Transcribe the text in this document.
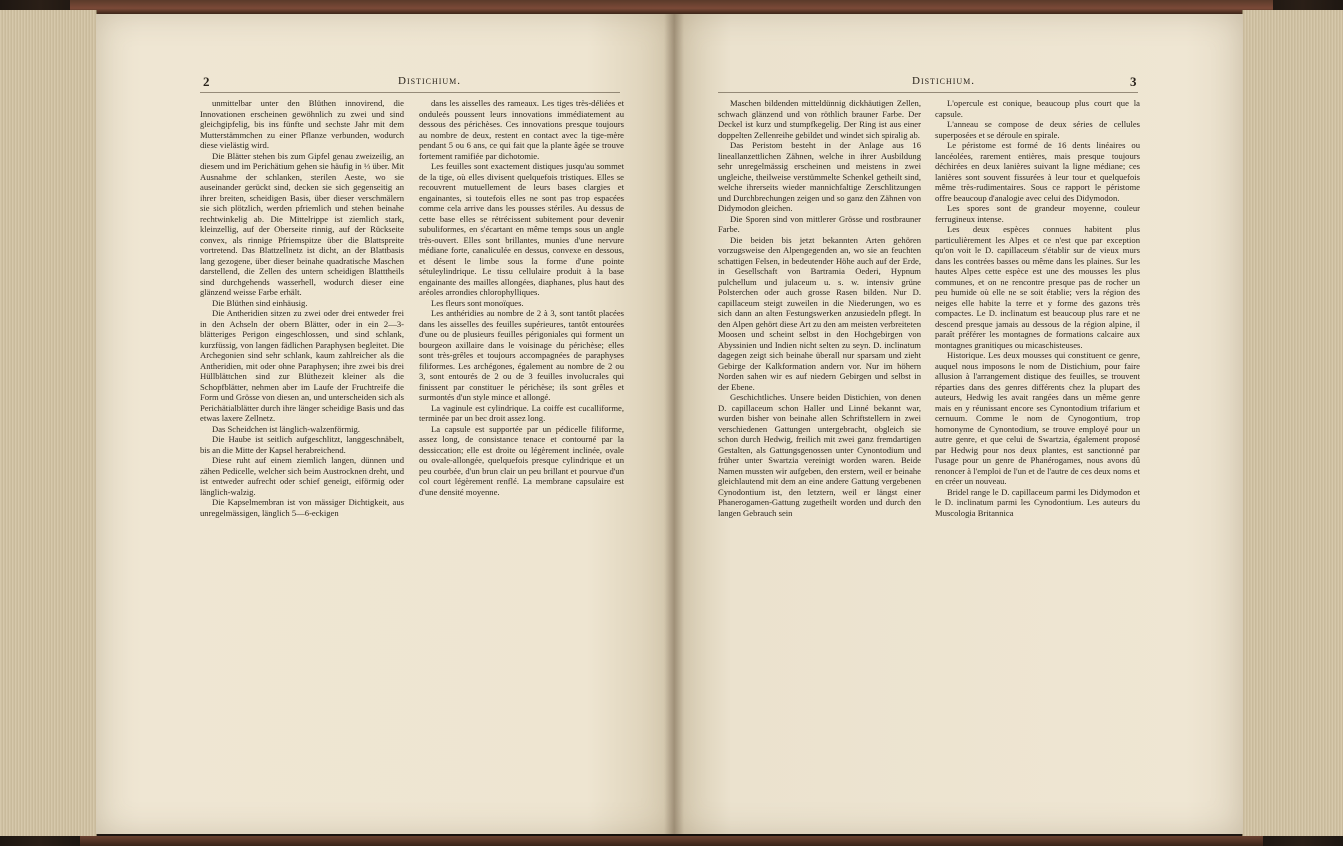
2	Distichium.

unmittelbar unter den Blüthen innovirend, die Innovationen erscheinen gewöhnlich zu zwei und sind gleichgipfelig, bis ins fünfte und sechste Jahr mit dem Mutterstämmchen zu einer Pflanze verbunden, wodurch diese vielästig wird.

Die Blätter stehen bis zum Gipfel genau zweizeilig, an diesem und im Perichätium gehen sie häufig in ⅓ über. Mit Ausnahme der schlanken, sterilen Aeste, wo sie auseinander gerückt sind, decken sie sich gegenseitig an ihrer breiten, scheidigen Basis, über dieser verschmälern sie sich plötzlich, werden pfriemlich und stehen beinahe rechtwinkelig ab. Die Mittelrippe ist ziemlich stark, kleinzellig, auf der Oberseite rinnig, auf der Rückseite convex, als rinnige Pfriemspitze über die Blattspreite vortretend. Das Blattzellnetz ist dicht, an der Blattbasis lang gezogene, über dieser beinahe quadratische Maschen darstellend, die Zellen des untern scheidigen Blatttheils sind durchgehends wasserhell, wodurch dieser eine glänzend weisse Farbe erhält.

Die Blüthen sind einhäusig.

Die Antheridien sitzen zu zwei oder drei entweder frei in den Achseln der obern Blätter, oder in ein 2—3-blätteriges Perigon eingeschlossen, und sind schlank, kurzfüssig, von langen fädlichen Paraphysen begleitet. Die Archegonien sind sehr schlank, kaum zahlreicher als die Antheridien, mit oder ohne Paraphysen; ihre zwei bis drei Hüllblättchen sind zur Blüthezeit kleiner als die Schopfblätter, nehmen aber im Laufe der Fruchtreife die Form und Grösse von diesen an, und unterscheiden sich als Perichätialblätter durch ihre länger scheidige Basis und das etwas laxere Zellnetz.

Das Scheidchen ist länglich-walzenförmig.

Die Haube ist seitlich aufgeschlitzt, langgeschnäbelt, bis an die Mitte der Kapsel herabreichend.

Diese ruht auf einem ziemlich langen, dünnen und zähen Pedicelle, welcher sich beim Austrocknen dreht, und ist entweder aufrecht oder schief geneigt, eiförmig oder länglich-walzig.

Die Kapselmembran ist von mässiger Dichtigkeit, aus unregelmässigen, länglich 5—6-eckigen

dans les aisselles des rameaux. Les tiges très-déliées et onduleés poussent leurs innovations immédiatement au dessous des périchèses. Ces innovations presque toujours au nombre de deux, restent en contact avec la tige-mère pendant 5 ou 6 ans, ce qui fait que la plante âgée se trouve fortement ramifiée par dichotomie.

Les feuilles sont exactement distiques jusqu'au sommet de la tige, où elles divisent quelquefois tristiques. Elles se recouvrent mutuellement de leurs bases clargies et engainantes, si toutefois elles ne sont pas trop espacées comme cela arrive dans les pousses stériles. Au dessus de cette base elles se rétrécissent subitement pour devenir subuliformes, en s'écartant en même temps sous un angle très-ouvert. Elles sont brillantes, munies d'une nervure médiane forte, canaliculée en dessus, convexe en dessous, et désent le limbe sous la forme d'une pointe sétuleylindrique. Le tissu cellulaire produit à la base engainante des mailles allongées, diaphanes, plus haut des aréoles arrondies chlorophylliques.

Les fleurs sont monoïques.

Les anthéridies au nombre de 2 à 3, sont tantôt placées dans les aisselles des feuilles supérieures, tantôt entourées d'une ou de plusieurs feuilles périgoniales qui forment un bourgeon axillaire dans le voisinage du périchèse; elles sont très-grêles et toujours accompagnées de paraphyses filiformes. Les archégones, également au nombre de 2 ou 3, sont entourés de 2 ou de 3 feuilles involucrales qui finissent par constituer le périchèse; ils sont grêles et surmontés d'un style mince et allongé.

La vaginule est cylindrique. La coiffe est cucalliforme, terminée par un bec droit assez long.

La capsule est supportée par un pédicelle filiforme, assez long, de consistance tenace et contourné par la dessiccation; elle est droite ou légèrement inclinée, ovale ou ovale-allongée, quelquefois presque cylindrique et un peu courbée, d'un brun clair un peu brillant et pourvue d'un col court légèrement renflé. La membrane capsulaire est d'une densité moyenne.

Distichium.	3

Maschen bildenden mitteldünnig dickhäutigen Zellen, schwach glänzend und von röthlich brauner Farbe. Der Deckel ist kurz und stumpfkegelig. Der Ring ist aus einer doppelten Zellenreihe gebildet und windet sich spiralig ab.

Das Peristom besteht in der Anlage aus 16 lineallanzettlichen Zähnen, welche in ihrer Ausbildung sehr unregelmässig erscheinen und meistens in zwei ungleiche, theilweise verstümmelte Schenkel getheilt sind, welche ihrerseits wieder mannichfaltige Zerschlitzungen und Durchbrechungen zeigen und so ganz den Zähnen von Didymodon gleichen.

Die Sporen sind von mittlerer Grösse und rostbrauner Farbe.

Die beiden bis jetzt bekannten Arten gehören vorzugsweise den Alpengegenden an, wo sie an feuchten schattigen Felsen, in bedeutender Höhe auch auf der Erde, in Gesellschaft von Bartramia Oederi, Hypnum pulchellum und julaceum u. s. w. intensiv grüne Polsterchen oder auch grosse Rasen bilden. Nur D. capillaceum steigt zuweilen in die Niederungen, wo es sich dann an alten Festungswerken anzusiedeln pflegt. In den Alpen gehört diese Art zu den am meisten verbreiteten Moosen und scheint selbst in den Hochgebirgen von Abyssinien und Indien nicht selten zu seyn. D. inclinatum dagegen zeigt sich beinahe überall nur sparsam und zieht Gebirge der Kalkformation andern vor. Nur im höhern Norden sahen wir es auf niedern Gebirgen und selbst in der Ebene.

Geschichtliches. Unsere beiden Distichien, von denen D. capillaceum schon Haller und Linné bekannt war, wurden bisher von beinahe allen Schriftstellern in zwei verschiedenen Gattungen untergebracht, obgleich sie schon durch Hedwig, freilich mit zwei ganz fremdartigen Gestalten, als Gattungsgenossen unter Cynontodium und früher unter Swartzia vereinigt worden waren. Beide Namen mussten wir aufgeben, den erstern, weil er beinahe gleichlautend mit dem an eine andere Gattung vergebenen Cynodontium ist, den letztern, weil er längst einer Phanerogamen-Gattung zugetheilt worden und durch den langen Gebrauch sein

L'opercule est conique, beaucoup plus court que la capsule.

L'anneau se compose de deux séries de cellules superposées et se déroule en spirale.

Le péristome est formé de 16 dents linéaires ou lancéolées, rarement entières, mais presque toujours déchirées en deux lanières suivant la ligne médiane; ces lanières sont souvent fissurées à leur tour et quelquefois même très-rudimentaires. Sous ce rapport le péristome offre beaucoup d'analogie avec celui des Didymodon.

Les spores sont de grandeur moyenne, couleur ferrugineux intense.

Les deux espèces connues habitent plus particulièrement les Alpes et ce n'est que par exception qu'on voit le D. capillaceum s'établir sur de vieux murs dans les contrées basses ou même dans les plaines. Sur les hautes Alpes cette espèce est une des mousses les plus communes, et on ne rencontre presque pas de rocher un peu humide où elle ne se soit établie; vers la région des neiges elle habite la terre et y forme des gazons très compactes. Le D. inclinatum est beaucoup plus rare et ne descend presque jamais au dessous de la région alpine, il paraît préférer les montagnes de formations calcaire aux montagnes granitiques ou micaschisteuses.

Historique. Les deux mousses qui constituent ce genre, auquel nous imposons le nom de Distichium, pour faire allusion à l'arrangement distique des feuilles, se trouvent réparties dans des genres différents chez la plupart des auteurs, Hedwig les avait rangées dans un même genre mais en y réunissant encore ses Cynontodium trifarium et cernuum. Comme le nom de Cynogontium, trop homonyme de Cynontodium, se trouve employé pour un autre genre, et que celui de Swartzia, également proposé par Hedwig pour nos deux plantes, est sanctionné par l'usage pour un genre de Phanérogames, nous avons dû renoncer à l'emploi de l'un et de l'autre de ces deux noms et en créer un nouveau.

Bridel range le D. capillaceum parmi les Didymodon et le D. inclinatum parmi les Cynodontium. Les auteurs du Muscologia Britannica
